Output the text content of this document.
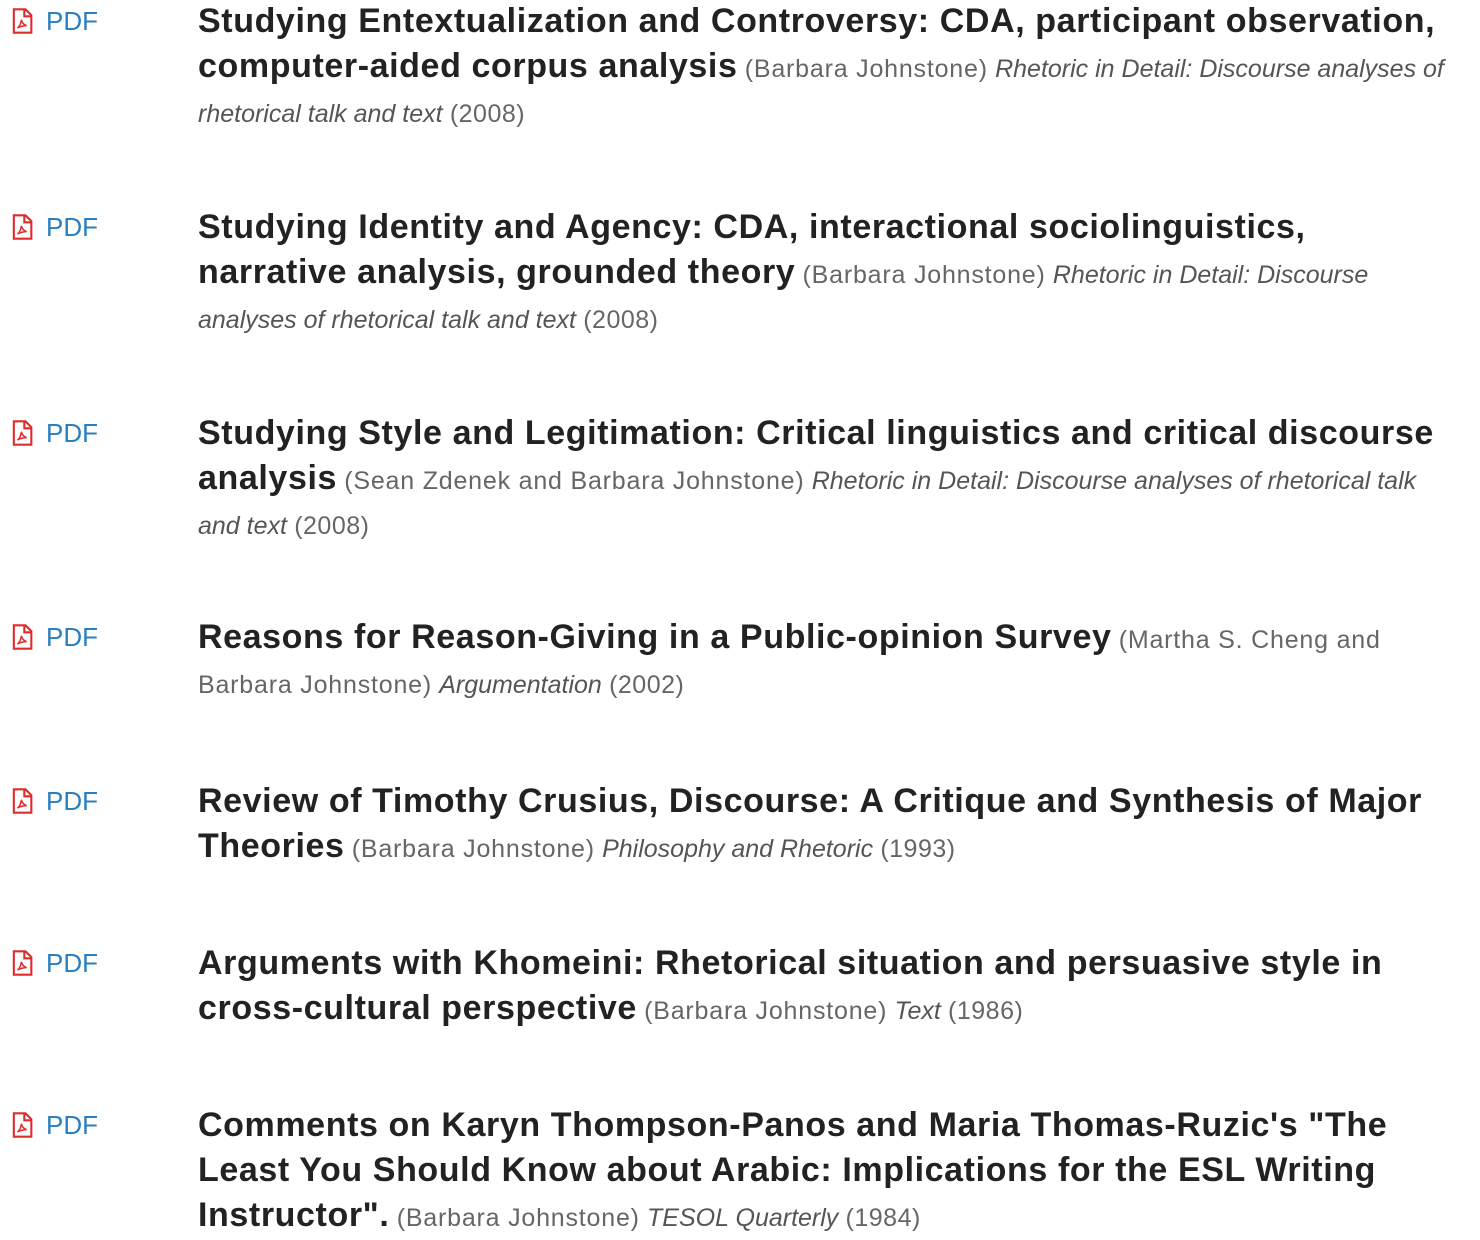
PDF	Studying Entextualization and Controversy: CDA, participant observation, computer-aided corpus analysis (Barbara Johnstone) Rhetoric in Detail: Discourse analyses of rhetorical talk and text (2008)
PDF	Studying Identity and Agency: CDA, interactional sociolinguistics, narrative analysis, grounded theory (Barbara Johnstone) Rhetoric in Detail: Discourse analyses of rhetorical talk and text (2008)
PDF	Studying Style and Legitimation: Critical linguistics and critical discourse analysis (Sean Zdenek and Barbara Johnstone) Rhetoric in Detail: Discourse analyses of rhetorical talk and text (2008)
PDF	Reasons for Reason-Giving in a Public-opinion Survey (Martha S. Cheng and Barbara Johnstone) Argumentation (2002)
PDF	Review of Timothy Crusius, Discourse: A Critique and Synthesis of Major Theories (Barbara Johnstone) Philosophy and Rhetoric (1993)
PDF	Arguments with Khomeini: Rhetorical situation and persuasive style in cross-cultural perspective (Barbara Johnstone) Text (1986)
PDF	Comments on Karyn Thompson-Panos and Maria Thomas-Ruzic's "The Least You Should Know about Arabic: Implications for the ESL Writing Instructor". (Barbara Johnstone) TESOL Quarterly (1984)
